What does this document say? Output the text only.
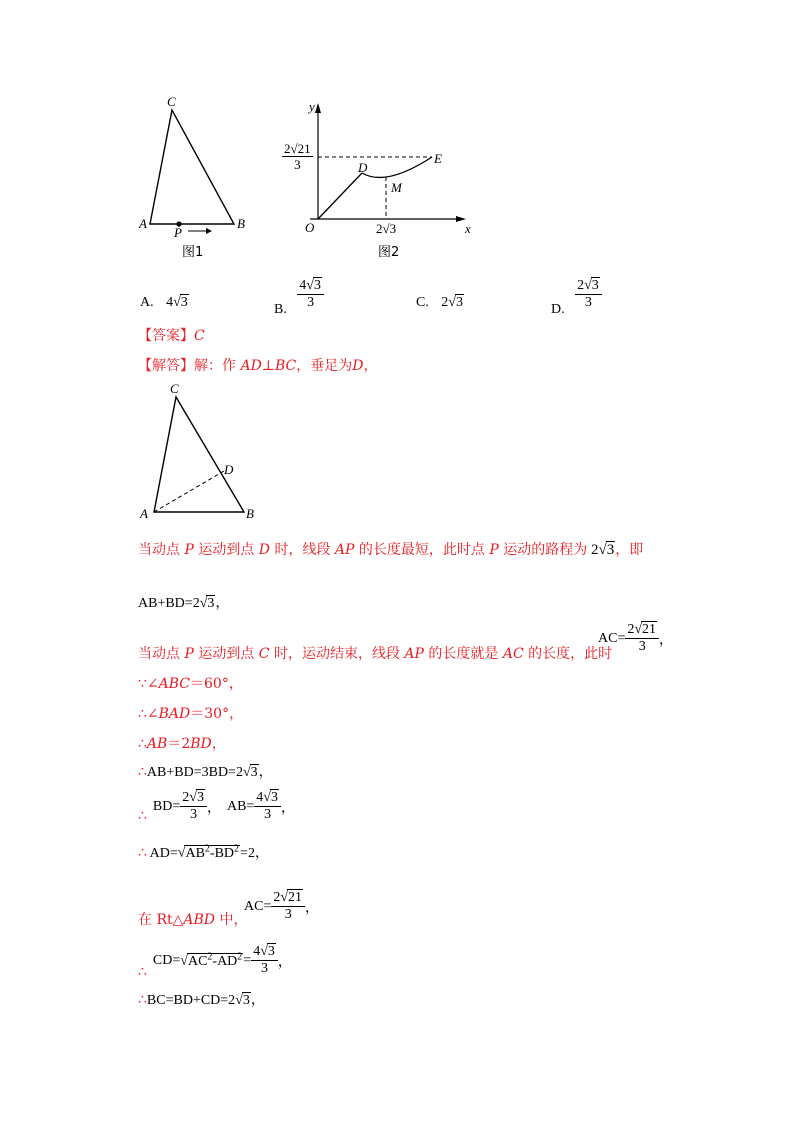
C
A	B
P
图1
y
x
O
D
E
M
$\frac{2√21}{3}$
2√3
图2
A. 4√3	B. $\frac{4√3}{3}$	C. 2√3	D. $\frac{2√3}{3}$
【答案】C
【解答】解：作 AD⊥BC，垂足为D，
C
D
A	B
当动点 P 运动到点 D 时，线段 AP 的长度最短，此时点 P 运动的路程为 2√3，即
AB+BD=2√3，
当动点 P 运动到点 C 时，运动结束，线段 AP 的长度就是 AC 的长度，此时
$AC= \frac{2√21}{3}$ ，
∵∠ABC＝60°，
∴∠BAD＝30°，
∴AB＝2BD，
∴AB+BD=3BD=2√3，
∴
$BD= \frac{2√3}{3}$ ， $AB= \frac{4√3}{3}$ ，
∴ $AD=√AB^2-BD^2=2$，
在 Rt△ABD 中，
$AC= \frac{2√21}{3}$ ，
∴
$CD= √AC^2-AD^2 = \frac{4√3}{3}$ ，
∴BC=BD+CD=2√3，
